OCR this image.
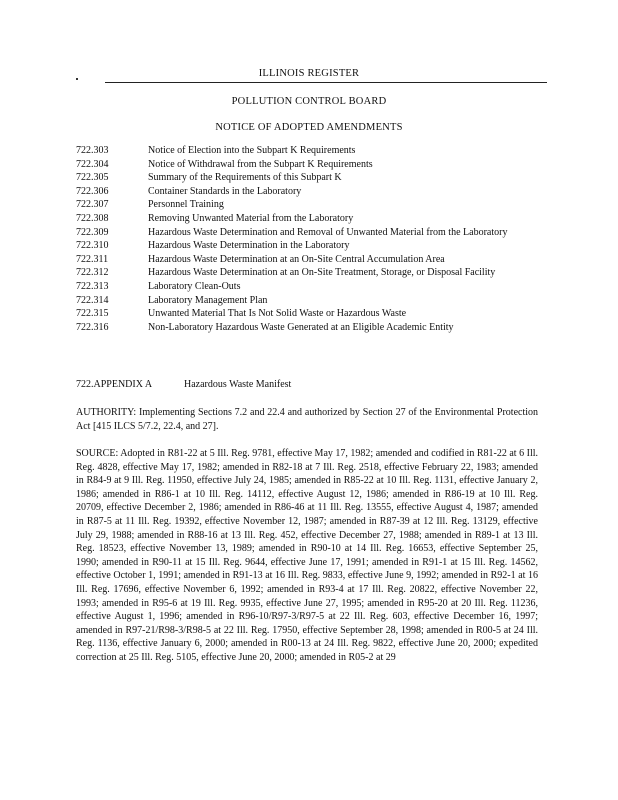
ILLINOIS REGISTER
POLLUTION CONTROL BOARD
NOTICE OF ADOPTED AMENDMENTS
722.303	Notice of Election into the Subpart K Requirements
722.304	Notice of Withdrawal from the Subpart K Requirements
722.305	Summary of the Requirements of this Subpart K
722.306	Container Standards in the Laboratory
722.307	Personnel Training
722.308	Removing Unwanted Material from the Laboratory
722.309	Hazardous Waste Determination and Removal of Unwanted Material from the Laboratory
722.310	Hazardous Waste Determination in the Laboratory
722.311	Hazardous Waste Determination at an On-Site Central Accumulation Area
722.312	Hazardous Waste Determination at an On-Site Treatment, Storage, or Disposal Facility
722.313	Laboratory Clean-Outs
722.314	Laboratory Management Plan
722.315	Unwanted Material That Is Not Solid Waste or Hazardous Waste
722.316	Non-Laboratory Hazardous Waste Generated at an Eligible Academic Entity
722.APPENDIX A	Hazardous Waste Manifest
AUTHORITY: Implementing Sections 7.2 and 22.4 and authorized by Section 27 of the Environmental Protection Act [415 ILCS 5/7.2, 22.4, and 27].
SOURCE: Adopted in R81-22 at 5 Ill. Reg. 9781, effective May 17, 1982; amended and codified in R81-22 at 6 Ill. Reg. 4828, effective May 17, 1982; amended in R82-18 at 7 Ill. Reg. 2518, effective February 22, 1983; amended in R84-9 at 9 Ill. Reg. 11950, effective July 24, 1985; amended in R85-22 at 10 Ill. Reg. 1131, effective January 2, 1986; amended in R86-1 at 10 Ill. Reg. 14112, effective August 12, 1986; amended in R86-19 at 10 Ill. Reg. 20709, effective December 2, 1986; amended in R86-46 at 11 Ill. Reg. 13555, effective August 4, 1987; amended in R87-5 at 11 Ill. Reg. 19392, effective November 12, 1987; amended in R87-39 at 12 Ill. Reg. 13129, effective July 29, 1988; amended in R88-16 at 13 Ill. Reg. 452, effective December 27, 1988; amended in R89-1 at 13 Ill. Reg. 18523, effective November 13, 1989; amended in R90-10 at 14 Ill. Reg. 16653, effective September 25, 1990; amended in R90-11 at 15 Ill. Reg. 9644, effective June 17, 1991; amended in R91-1 at 15 Ill. Reg. 14562, effective October 1, 1991; amended in R91-13 at 16 Ill. Reg. 9833, effective June 9, 1992; amended in R92-1 at 16 Ill. Reg. 17696, effective November 6, 1992; amended in R93-4 at 17 Ill. Reg. 20822, effective November 22, 1993; amended in R95-6 at 19 Ill. Reg. 9935, effective June 27, 1995; amended in R95-20 at 20 Ill. Reg. 11236, effective August 1, 1996; amended in R96-10/R97-3/R97-5 at 22 Ill. Reg. 603, effective December 16, 1997; amended in R97-21/R98-3/R98-5 at 22 Ill. Reg. 17950, effective September 28, 1998; amended in R00-5 at 24 Ill. Reg. 1136, effective January 6, 2000; amended in R00-13 at 24 Ill. Reg. 9822, effective June 20, 2000; expedited correction at 25 Ill. Reg. 5105, effective June 20, 2000; amended in R05-2 at 29
